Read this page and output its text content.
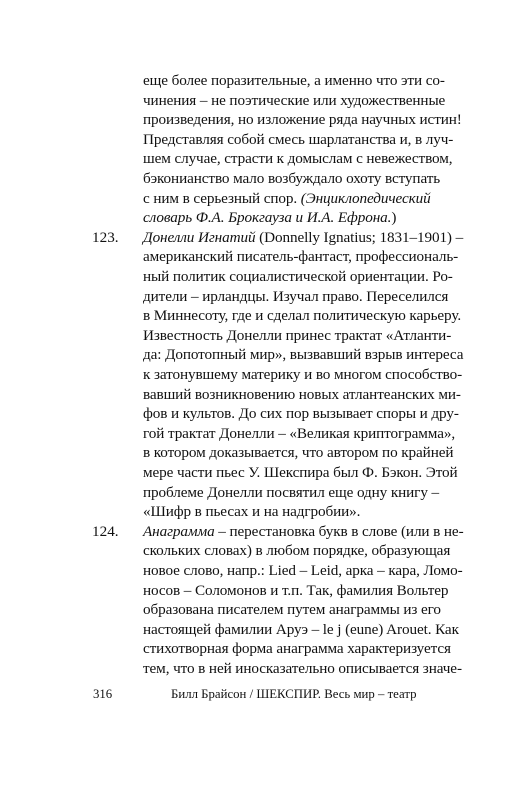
еще более поразительные, а именно что эти со-
чинения – не поэтические или художественные
произведения, но изложение ряда научных истин!
Представляя собой смесь шарлатанства и, в луч-
шем случае, страсти к домыслам с невежеством,
бэконианство мало возбуждало охоту вступать
с ним в серьезный спор. (Энциклопедический
словарь Ф.А. Брокгауза и И.А. Ефрона.)
123. Донелли Игнатий (Donnelly Ignatius; 1831–1901) –
американский писатель-фантаст, профессиональ-
ный политик социалистической ориентации. Ро-
дители – ирландцы. Изучал право. Переселился
в Миннесоту, где и сделал политическую карьеру.
Известность Донелли принес трактат «Атланти-
да: Допотопный мир», вызвавший взрыв интереса
к затонувшему материку и во многом способство-
вавший возникновению новых атлантеанских ми-
фов и культов. До сих пор вызывает споры и дру-
гой трактат Донелли – «Великая криптограмма»,
в котором доказывается, что автором по крайней
мере части пьес У. Шекспира был Ф. Бэкон. Этой
проблеме Донелли посвятил еще одну книгу –
«Шифр в пьесах и на надгробии».
124. Анаграмма – перестановка букв в слове (или в не-
скольких словах) в любом порядке, образующая
новое слово, напр.: Lied – Leid, арка – кара, Ломо-
носов – Соломонов и т.п. Так, фамилия Вольтер
316	Билл Брайсон / ШЕКСПИР. Весь мир – театр
образована писателем путем анаграммы из его
настоящей фамилии Аруэ – le j (eune) Arouet. Как
стихотворная форма анаграмма характеризуется
тем, что в ней иносказательно описывается значе-
